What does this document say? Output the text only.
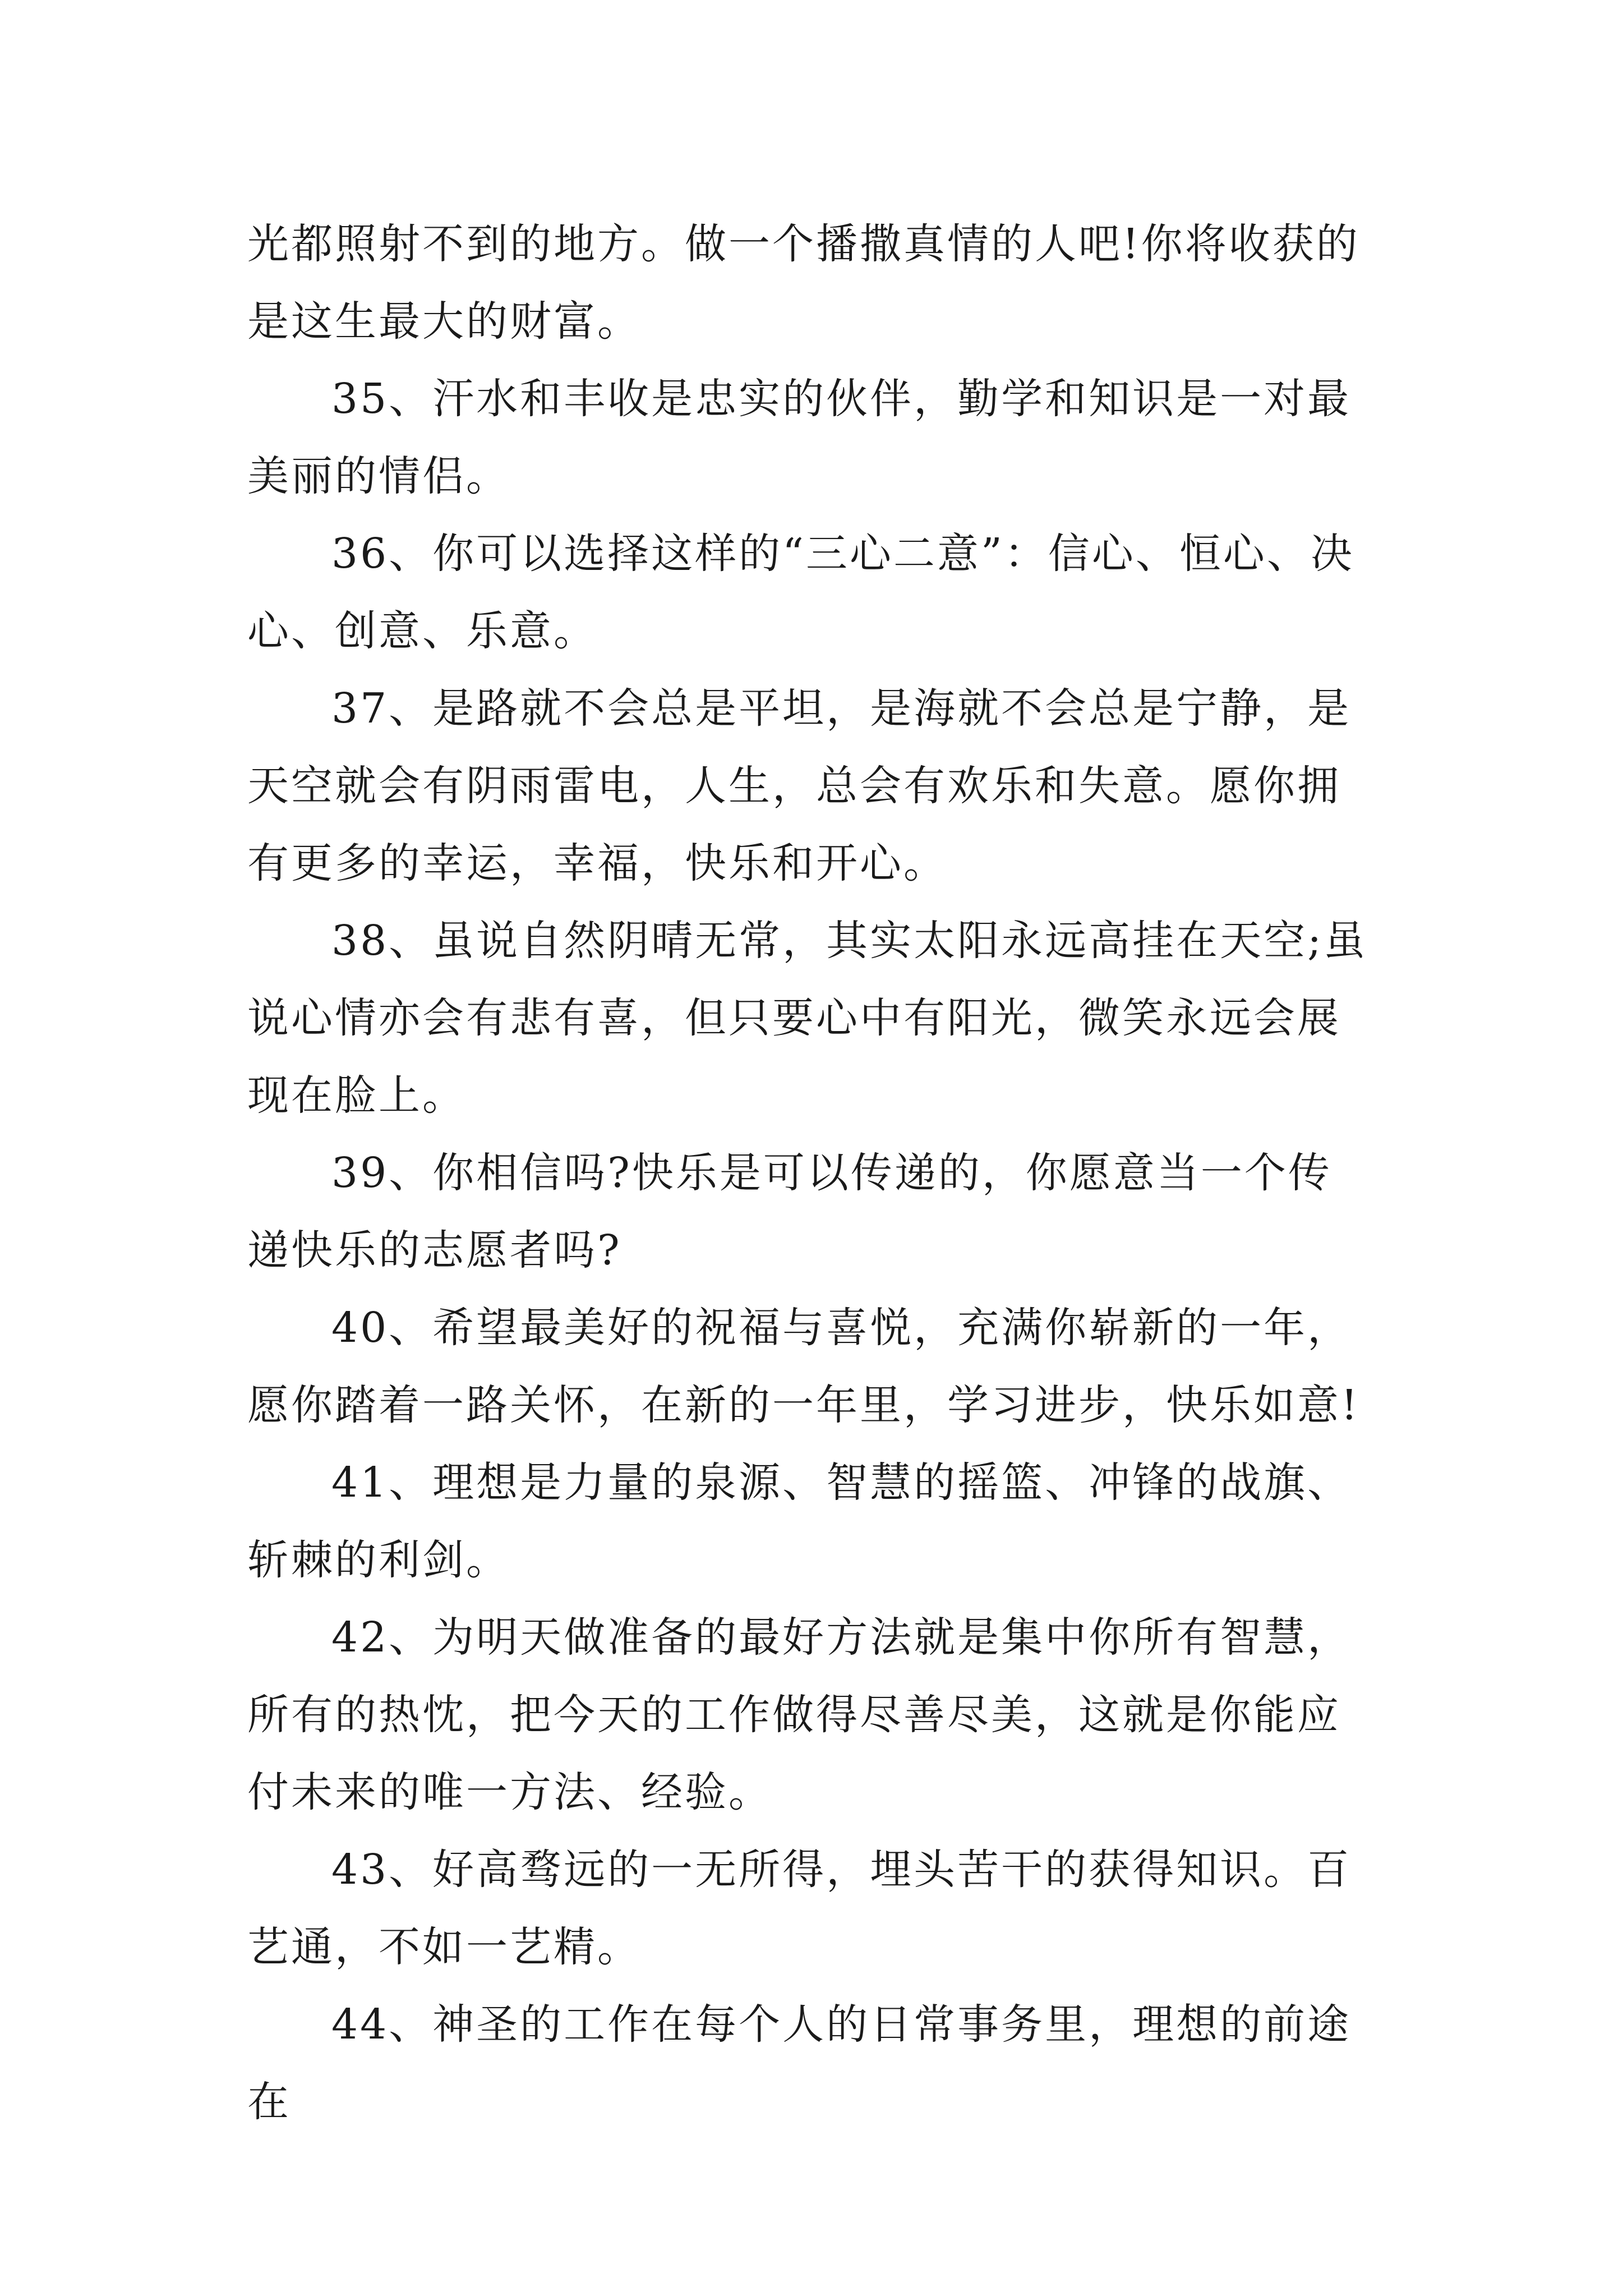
光都照射不到的地方。做一个播撒真情的人吧!你将收获的是这生最大的财富。

35、汗水和丰收是忠实的伙伴，勤学和知识是一对最美丽的情侣。

36、你可以选择这样的“三心二意”：信心、恒心、决心、创意、乐意。

37、是路就不会总是平坦，是海就不会总是宁静，是天空就会有阴雨雷电，人生，总会有欢乐和失意。愿你拥有更多的幸运，幸福，快乐和开心。

38、虽说自然阴晴无常，其实太阳永远高挂在天空;虽说心情亦会有悲有喜，但只要心中有阳光，微笑永远会展现在脸上。

39、你相信吗?快乐是可以传递的，你愿意当一个传递快乐的志愿者吗?

40、希望最美好的祝福与喜悦，充满你崭新的一年，愿你踏着一路关怀，在新的一年里，学习进步，快乐如意!

41、理想是力量的泉源、智慧的摇篮、冲锋的战旗、斩棘的利剑。

42、为明天做准备的最好方法就是集中你所有智慧，所有的热忱，把今天的工作做得尽善尽美，这就是你能应付未来的唯一方法、经验。

43、好高骛远的一无所得，埋头苦干的获得知识。百艺通，不如一艺精。

44、神圣的工作在每个人的日常事务里，理想的前途在
